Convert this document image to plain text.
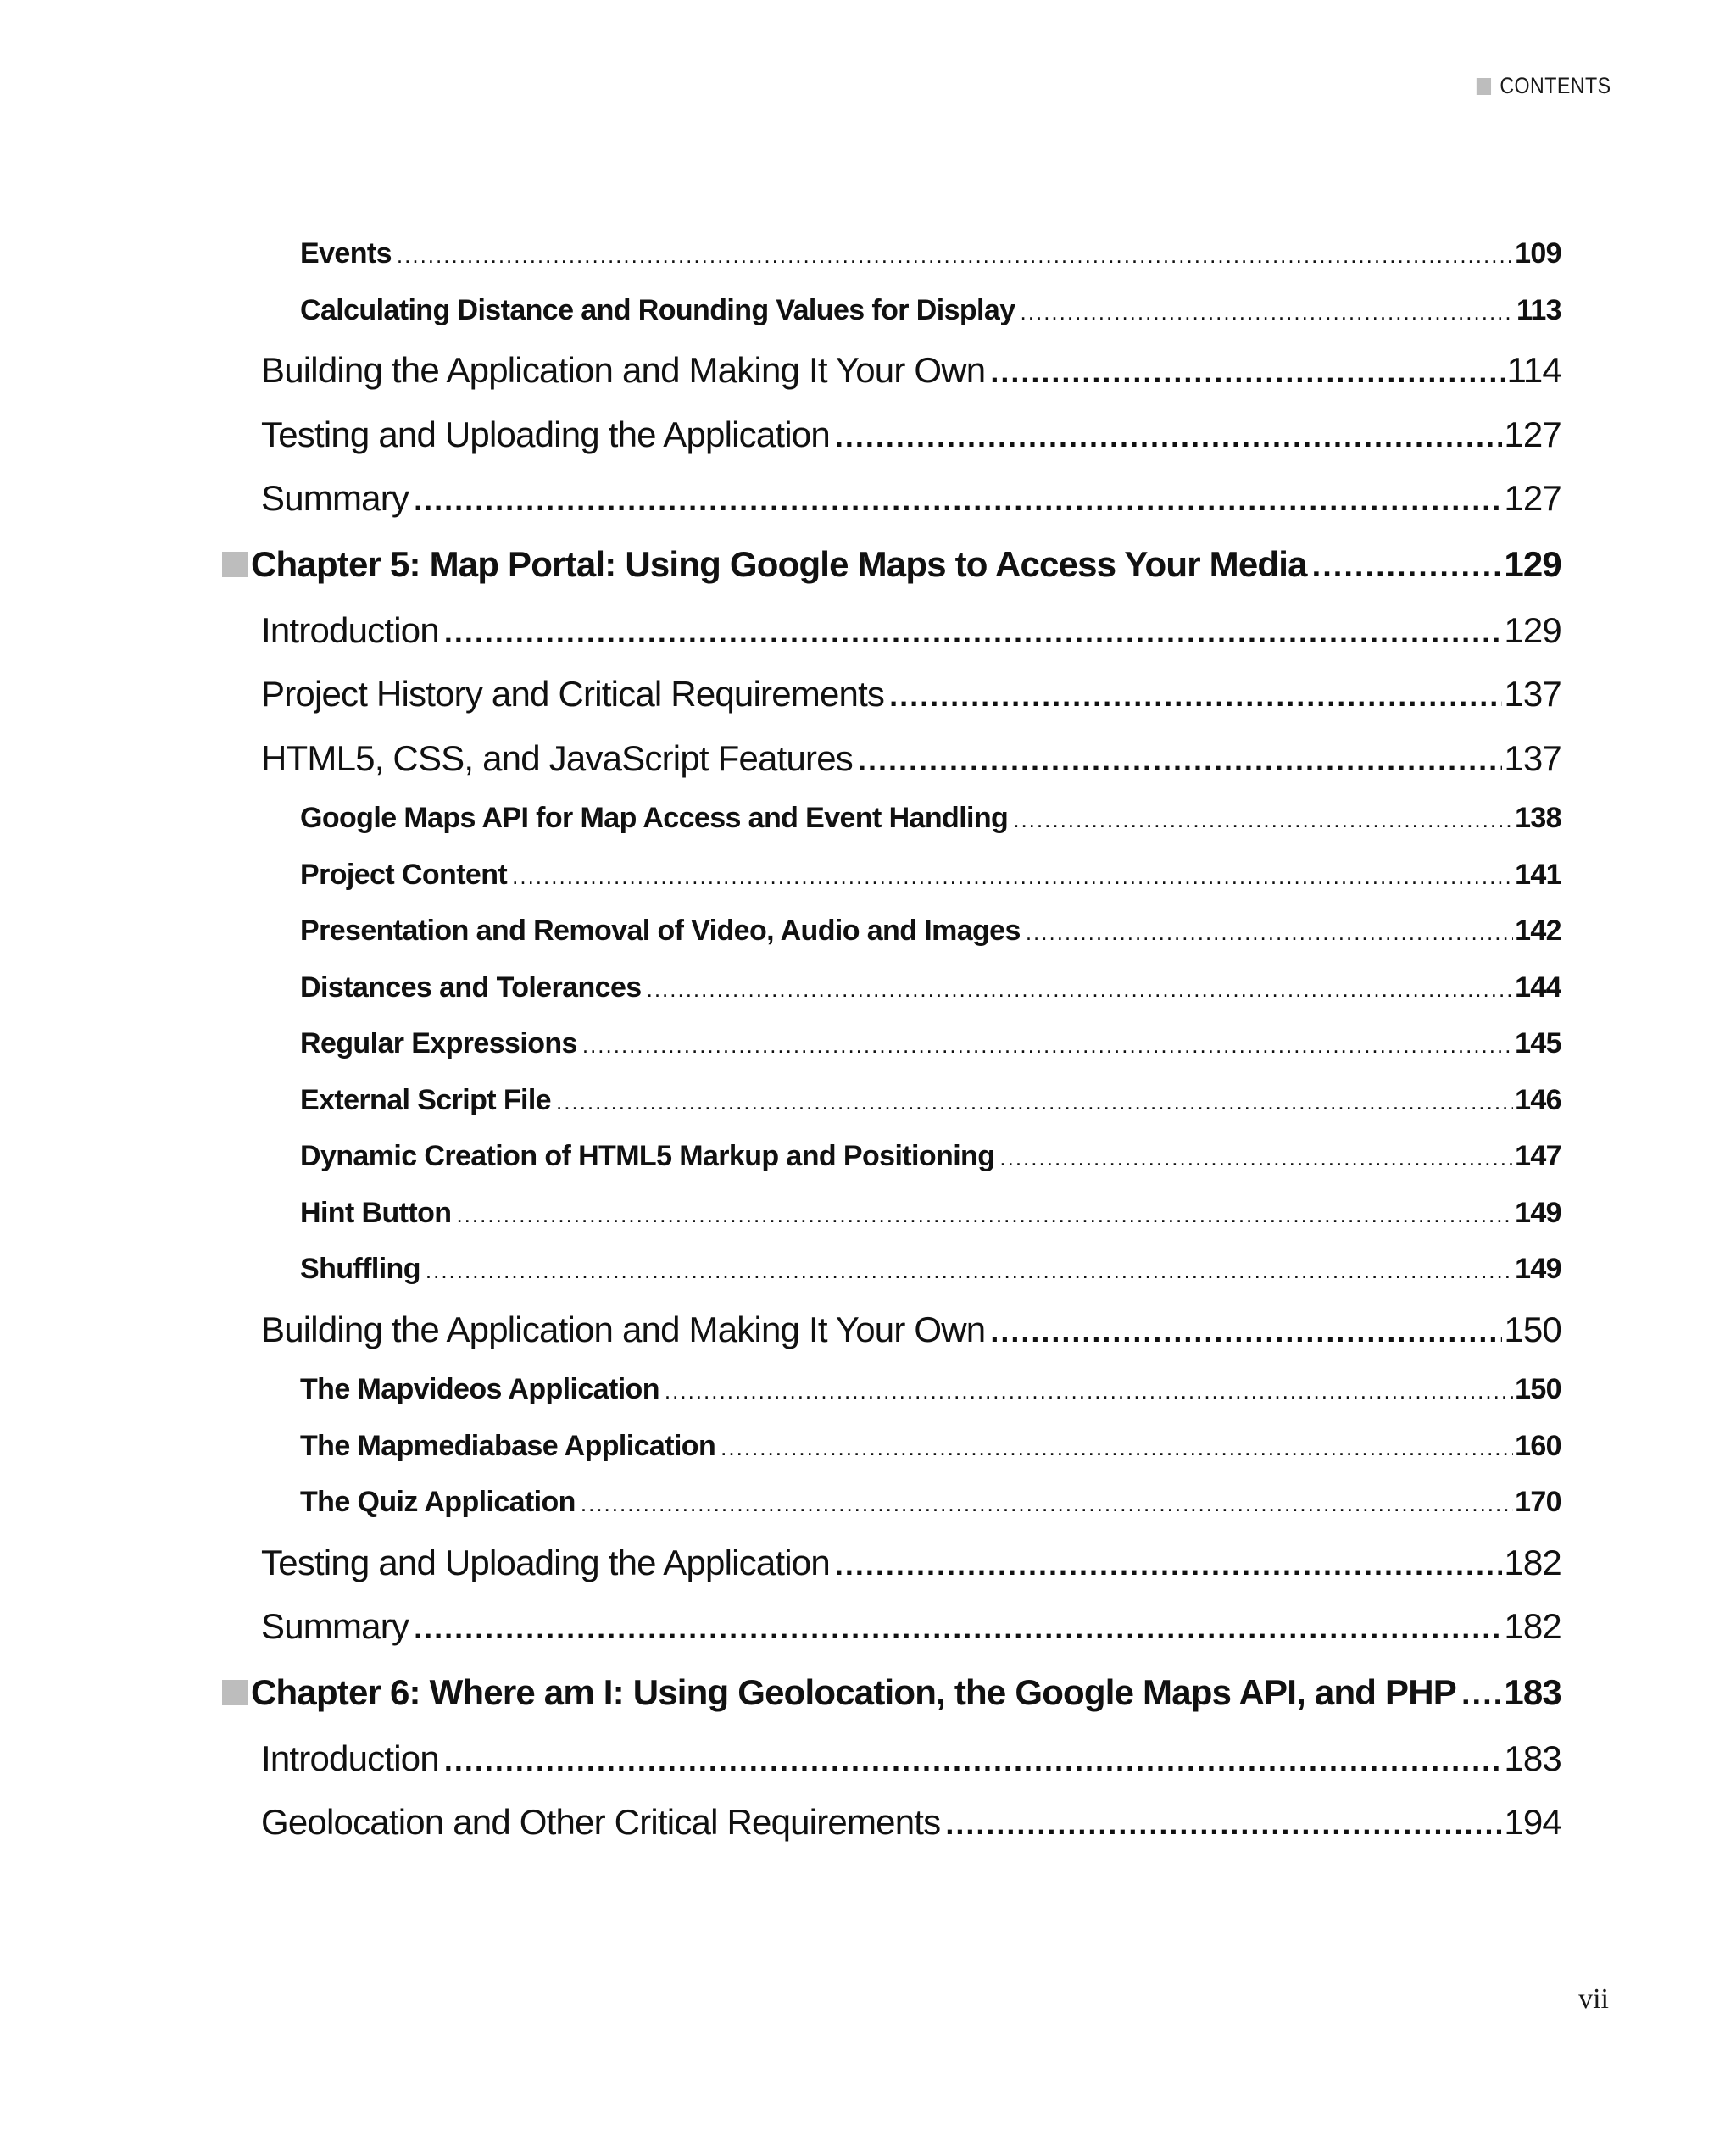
CONTENTS
Events .....	109
Calculating Distance and Rounding Values for Display .....	113
Building the Application and Making It Your Own .....	114
Testing and Uploading the Application .....	127
Summary .....	127
Chapter 5: Map Portal: Using Google Maps to Access Your Media .....	129
Introduction .....	129
Project History and Critical Requirements .....	137
HTML5, CSS, and JavaScript Features .....	137
Google Maps API for Map Access and Event Handling .....	138
Project Content .....	141
Presentation and Removal of Video, Audio and Images .....	142
Distances and Tolerances .....	144
Regular Expressions .....	145
External Script File .....	146
Dynamic Creation of HTML5 Markup and Positioning .....	147
Hint Button .....	149
Shuffling .....	149
Building the Application and Making It Your Own .....	150
The Mapvideos Application .....	150
The Mapmediabase Application .....	160
The Quiz Application .....	170
Testing and Uploading the Application .....	182
Summary .....	182
Chapter 6: Where am I: Using Geolocation, the Google Maps API, and PHP ..... 183
Introduction .....	183
Geolocation and Other Critical Requirements .....	194
vii
